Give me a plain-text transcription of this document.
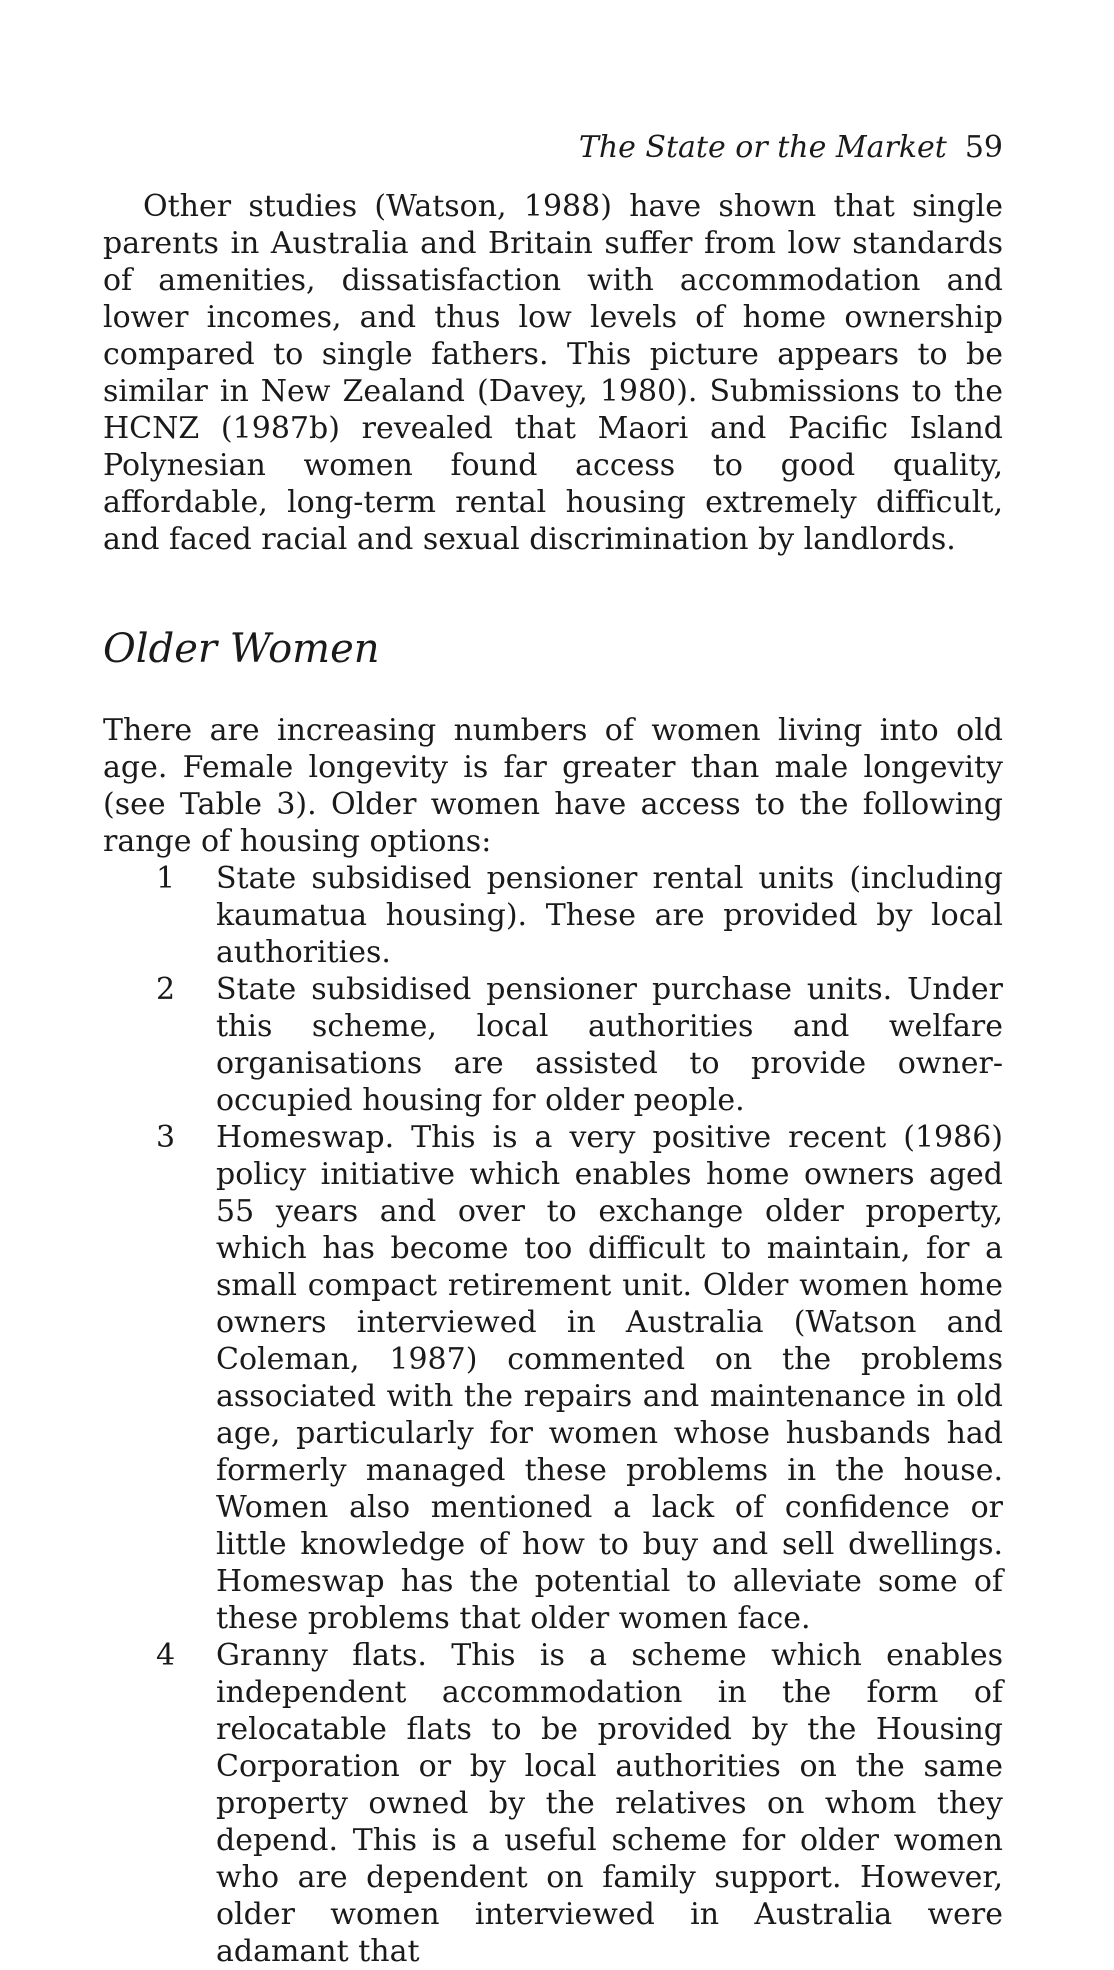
The State or the Market 59

Other studies (Watson, 1988) have shown that single parents in Australia and Britain suffer from low standards of amenities, dissatisfaction with accommodation and lower incomes, and thus low levels of home ownership compared to single fathers. This picture appears to be similar in New Zealand (Davey, 1980). Submissions to the HCNZ (1987b) revealed that Maori and Pacific Island Polynesian women found access to good quality, affordable, long-term rental housing extremely difficult, and faced racial and sexual discrimination by landlords.

Older Women

There are increasing numbers of women living into old age. Female longevity is far greater than male longevity (see Table 3). Older women have access to the following range of housing options:

1 State subsidised pensioner rental units (including kaumatua housing). These are provided by local authorities.

2 State subsidised pensioner purchase units. Under this scheme, local authorities and welfare organisations are assisted to provide owner-occupied housing for older people.

3 Homeswap. This is a very positive recent (1986) policy initiative which enables home owners aged 55 years and over to exchange older property, which has become too difficult to maintain, for a small compact retirement unit. Older women home owners interviewed in Australia (Watson and Coleman, 1987) commented on the problems associated with the repairs and maintenance in old age, particularly for women whose husbands had formerly managed these problems in the house. Women also mentioned a lack of confidence or little knowledge of how to buy and sell dwellings. Homeswap has the potential to alleviate some of these problems that older women face.

4 Granny flats. This is a scheme which enables independent accommodation in the form of relocatable flats to be provided by the Housing Corporation or by local authorities on the same property owned by the relatives on whom they depend. This is a useful scheme for older women who are dependent on family support. However, older women interviewed in Australia were adamant that
